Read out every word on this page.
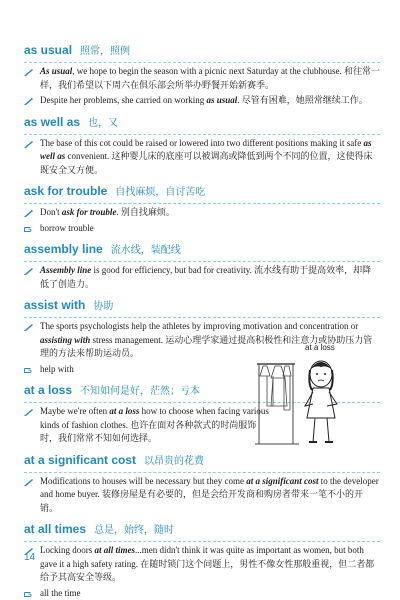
as usual 照常，照例
As usual, we hope to begin the season with a picnic next Saturday at the clubhouse. 和往常一样，我们希望以下周六在俱乐部会所举办野餐开始新赛季。
Despite her problems, she carried on working as usual. 尽管有困难，她照常继续工作。
as well as 也，又
The base of this cot could be raised or lowered into two different positions making it safe as well as convenient. 这种婴儿床的底座可以被调高或降低到两个不同的位置，这使得床既安全又方便。
ask for trouble 自找麻烦，自讨苦吃
Don't ask for trouble. 别自找麻烦。
borrow trouble
assembly line 流水线，装配线
Assembly line is good for efficiency, but bad for creativity. 流水线有助于提高效率，却降低了创造力。
assist with 协助
The sports psychologists help the athletes by improving motivation and concentration or assisting with stress management. 运动心理学家通过提高积极性和注意力或协助压力管理的方法来帮助运动员。
help with
at a loss 不知如何是好，茫然；亏本
Maybe we're often at a loss how to choose when facing various kinds of fashion clothes. 也许在面对各种款式的时尚服饰时，我们常常不知如何选择。
at a significant cost 以昂贵的花费
Modifications to houses will be necessary but they come at a significant cost to the developer and home buyer. 装修房屋是有必要的，但是会给开发商和购房者带来一笔不小的开销。
at all times 总是，始终，随时
Locking doors at all times...men didn't think it was quite as important as women, but both gave it a high safety rating. 在随时锁门这个问题上，男性不像女性那般重视，但二者都给予其高安全等级。
all the time
at a loss
14
